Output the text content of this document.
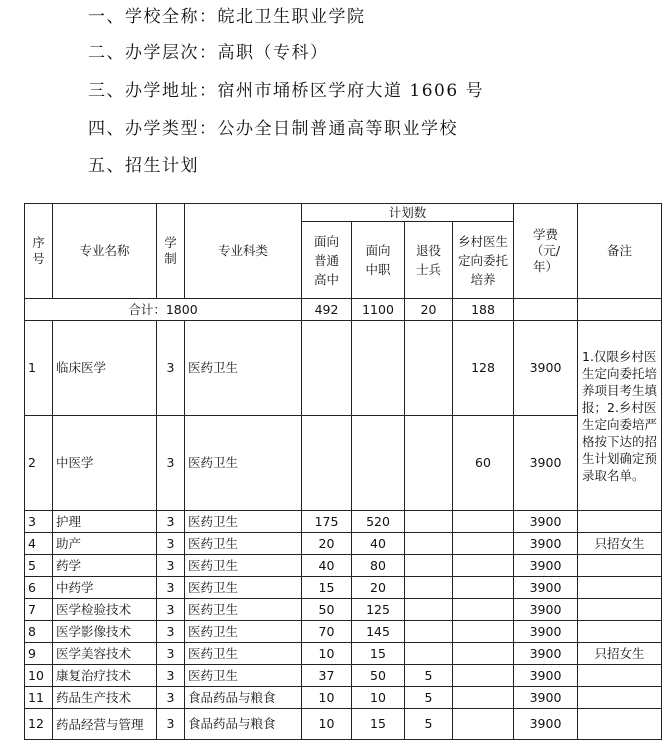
一、学校全称：皖北卫生职业学院
二、办学层次：高职（专科）
三、办学地址：宿州市埇桥区学府大道 1606 号
四、办学类型：公办全日制普通高等职业学校
五、招生计划
序号	专业名称	学制	专业科类	计划数				学费（元/年）	备注
				面向普通高中	面向中职	退役士兵	乡村医生定向委托培养		
合计：1800				492	1100	20	188		
1	临床医学	3	医药卫生				128	3900	1.仅限乡村医生定向委托培养项目考生填报；2.乡村医生定向委培严格按下达的招生计划确定预录取名单。
2	中医学	3	医药卫生				60	3900	
3	护理	3	医药卫生	175	520			3900	
4	助产	3	医药卫生	20	40			3900	只招女生
5	药学	3	医药卫生	40	80			3900	
6	中药学	3	医药卫生	15	20			3900	
7	医学检验技术	3	医药卫生	50	125			3900	
8	医学影像技术	3	医药卫生	70	145			3900	
9	医学美容技术	3	医药卫生	10	15			3900	只招女生
10	康复治疗技术	3	医药卫生	37	50	5		3900	
11	药品生产技术	3	食品药品与粮食	10	10	5		3900	
12	药品经营与管理	3	食品药品与粮食	10	15	5		3900	
